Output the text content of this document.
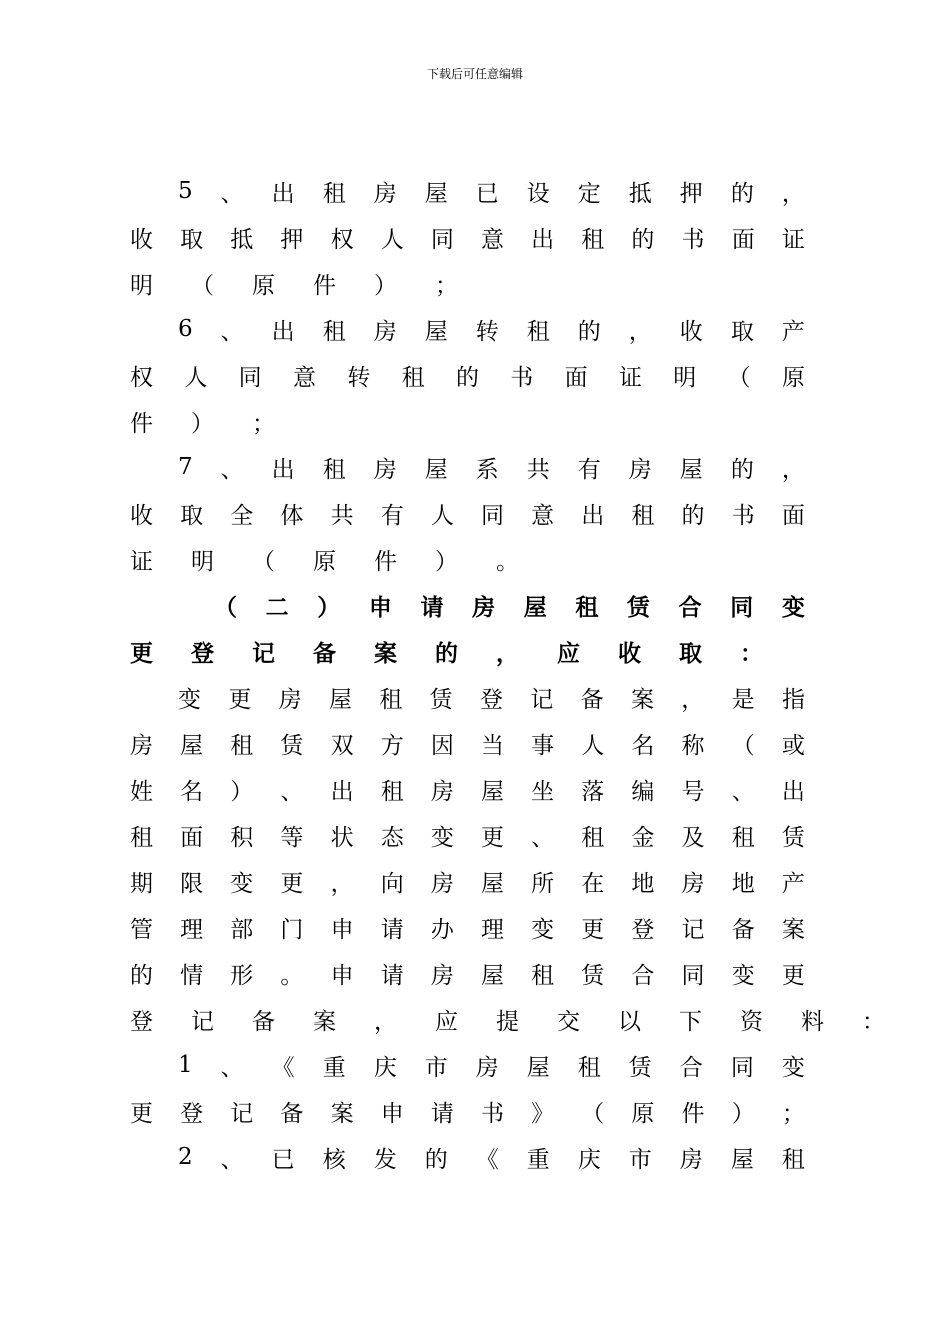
下载后可任意编辑
5 、 出 租 房 屋 已 设 定 抵 押 的 ，
收 取 抵 押 权 人 同 意 出 租 的 书 面 证
明 （ 原 件 ） ；
6 、 出 租 房 屋 转 租 的 ， 收 取 产
权 人 同 意 转 租 的 书 面 证 明 （ 原
件 ） ；
7 、 出 租 房 屋 系 共 有 房 屋 的 ，
收 取 全 体 共 有 人 同 意 出 租 的 书 面
证 明 （ 原 件 ） 。
（ 二 ） 申 请 房 屋 租 赁 合 同 变
更 登 记 备 案 的 ， 应 收 取 ：
变 更 房 屋 租 赁 登 记 备 案 ， 是 指
房 屋 租 赁 双 方 因 当 事 人 名 称 （ 或
姓 名 ） 、 出 租 房 屋 坐 落 编 号 、 出
租 面 积 等 状 态 变 更 、 租 金 及 租 赁
期 限 变 更 ， 向 房 屋 所 在 地 房 地 产
管 理 部 门 申 请 办 理 变 更 登 记 备 案
的 情 形 。 申 请 房 屋 租 赁 合 同 变 更
登 记 备 案 ， 应 提 交 以 下 资 料 ：
1 、 《 重 庆 市 房 屋 租 赁 合 同 变
更 登 记 备 案 申 请 书 》 （ 原 件 ） ；
2 、 已 核 发 的 《 重 庆 市 房 屋 租
